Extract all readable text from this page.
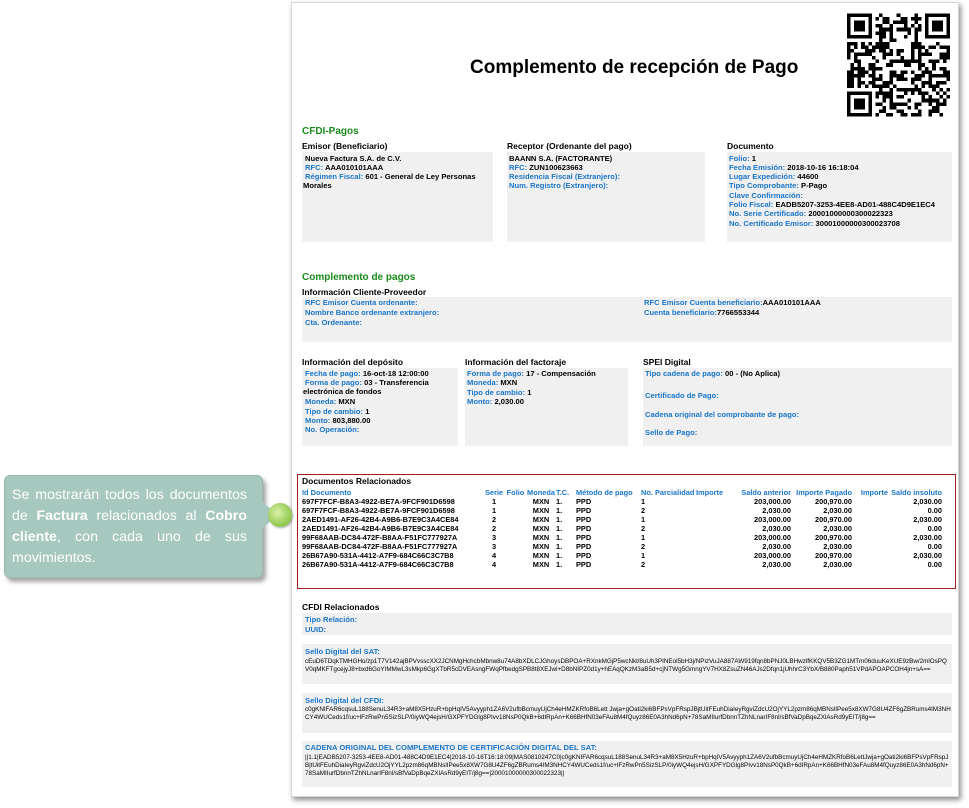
Complemento de recepción de Pago
CFDI-Pagos
Emisor (Beneficiario)
Nueva Factura S.A. de C.V.
RFC: AAA010101AAA
Régimen Fiscal: 601 - General de Ley Personas Morales
Receptor (Ordenante del pago)
BAANN S.A. (FACTORANTE)
RFC: ZUN100623663
Residencia Fiscal (Extranjero):
Num. Registro (Extranjero):
Documento
Folio: 1
Fecha Emisión: 2018-10-16 16:18:04
Lugar Expedición: 44600
Tipo Comprobante: P-Pago
Clave Confirmación:
Folio Fiscal: EADB5207-3253-4EE8-AD01-488C4D9E1EC4
No. Serie Certificado: 20001000000300022323
No. Certificado Emisor: 30001000000300023708
Complemento de pagos
Información Cliente-Proveedor
RFC Emisor Cuenta ordenante:
Nombre Banco ordenante extranjero:
Cta. Ordenante:
RFC Emisor Cuenta beneficiario:AAA010101AAA
Cuenta beneficiario:7766553344
Información del depósito
Fecha de pago: 16-oct-18 12:00:00
Forma de pago: 03 - Transferencia electrónica de fondos
Moneda: MXN
Tipo de cambio: 1
Monto: 803,880.00
No. Operación:
Información del factoraje
Forma de pago: 17 - Compensación
Moneda: MXN
Tipo de cambio: 1
Monto: 2,030.00
SPEI Digital
Tipo cadena de pago: 00 - (No Aplica)
Certificado de Pago:
Cadena original del comprobante de pago:
Sello de Pago:
Documentos Relacionados
Id Documento	Serie	Folio	Moneda	T.C.	Método de pago	No. Parcialidad	Importe	Saldo anterior	Importe Pagado	Importe	Saldo insoluto
697F7FCF-B8A3-4922-BE7A-9FCF901D6598	1		MXN	1.	PPD	1		203,000.00	200,970.00		2,030.00
697F7FCF-B8A3-4922-BE7A-9FCF901D6598	1		MXN	1.	PPD	2		2,030.00	2,030.00		0.00
2AED1491-AF26-42B4-A9B6-B7E9C3A4CE84	2		MXN	1.	PPD	1		203,000.00	200,970.00		2,030.00
2AED1491-AF26-42B4-A9B6-B7E9C3A4CE84	2		MXN	1.	PPD	2		2,030.00	2,030.00		0.00
99F68AAB-DC84-472F-B8AA-F51FC777927A	3		MXN	1.	PPD	1		203,000.00	200,970.00		2,030.00
99F68AAB-DC84-472F-B8AA-F51FC777927A	3		MXN	1.	PPD	2		2,030.00	2,030.00		0.00
26B67A90-531A-4412-A7F9-684C66C3C7B8	4		MXN	1.	PPD	1		203,000.00	200,970.00		2,030.00
26B67A90-531A-4412-A7F9-684C66C3C7B8	4		MXN	1.	PPD	2		2,030.00	2,030.00		0.00
CFDI Relacionados
Tipo Relación:
UUID:
Sello Digital del SAT:
cEuD6TDqkTMHGHo/zp1T7V142ajBPVvsscXX2JCNMgHchcbMbnw8u74A8bXDLCJGhoysDBPOA+RXnkMGjP5wcNkl/8uUh3PINEol5bH3j/NPizVuJA887AW919fqn8bPNJ0LBHwzlfKKQV5B3ZG1MTm06duuKeXUE9zBw/2mlOsPQV0qMKFTgcejyJ8+bxd6GoYIMMwL3sMkp6GgXTbR5cDVEAsngFWqPfbedgSPB8t8XEJwl+D8bNIPZ0d1y+hEAqQKzM3aB5d+cjNTWg5GmngYV7HX8ZsuZN46AJs2Dfqn1jUhhrC3YbX/B880Paph51VPdAPOAPCOH4jn+sA==
Sello Digital del CFDI:
c0gKNIFAR6cqsuL188SenuL34R3+aM8X5HzuR+bpHqIV5Avyyph1ZA6V2ufbBcmuyUjCh4eHMZKRfoB6Lett Jwja+gOati2ki6BFPsVpFRspJBjtUitFEuhDiaIeyRgviZdcU2OjYYL2pzm86qMBNslIPee5x8XW7G8U4ZF6gZBRums4IM3NHCY4WUCeds1f/uc+lFzRwPn5SizSLP/0iyWQ4ejsH/GXPFYDGlg8PIvv18NsP0QkB+6dIRpAn+K66BHfN03eFAu8M4fQuyz86E0A3hNd6pN+78SaMIIurfDbnnTZhNLnarIF8nl/sBfVaDpBqeZXlAsRd9yEIT/j8g==
CADENA ORIGINAL DEL COMPLEMENTO DE CERTIFICACIÓN DIGITAL DEL SAT:
||1.1|EADB5207-3253-4EE8-AD01-488C4D9E1EC4|2018-10-16T16:18:09|MAS0810247C0|c0gKNIFAR6cqsuL188SenuL34R3+aM8X5HzuR+bpHqIV5Avyyph1ZA6V2ufbBcmuyUjCh4eHMZKRfoB6LettJwja+gOati2ki6BFPsVpFRspJBjtUitFEuhDiaIeyRgviZdcU2OjYYL2pzm86qMBNslIPee5x8XW7G8U4ZF6gZBRums4IM3NHCY4WUCeds1f/uc+lFzRwPn5SizSLP/0iyWQ4ejsH/GXPFYDGlg8PIvv18NsP0QkB+6dIRpAn+K66BHfN03eFAu8M4fQuyz86E0A3hNd6pN+78SaMIIurfDbnnTZhNLnarIF8nl/sBfVaDpBqeZXlAsRd9yEIT/j8g==|20001000000300022323||
Se mostrarán todos los documentos de Factura relacionados al Cobro cliente, con cada uno de sus movimientos.
